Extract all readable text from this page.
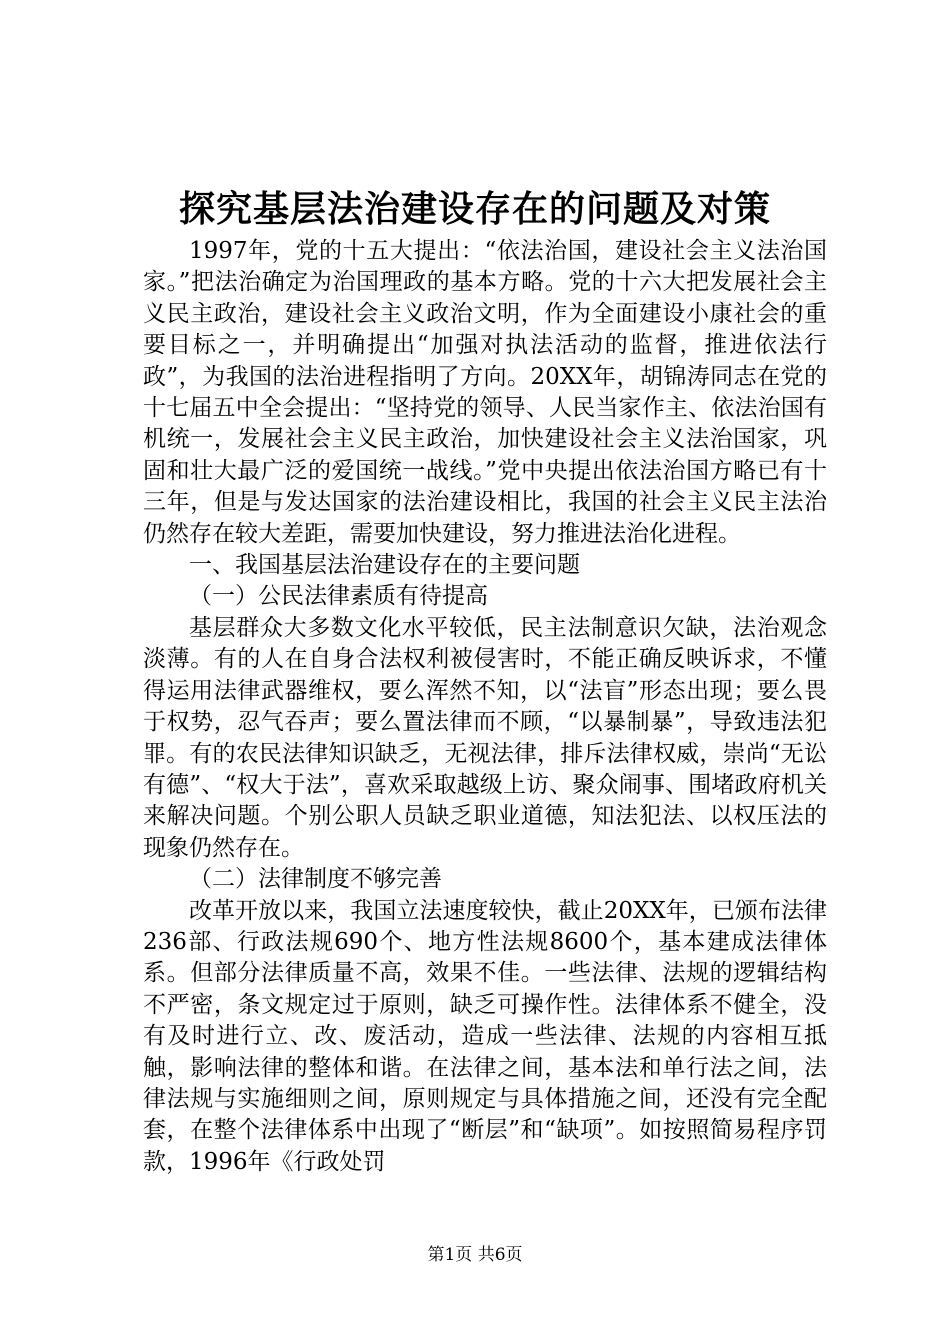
探究基层法治建设存在的问题及对策

1997年，党的十五大提出：“依法治国，建设社会主义法治国家。”把法治确定为治国理政的基本方略。党的十六大把发展社会主义民主政治，建设社会主义政治文明，作为全面建设小康社会的重要目标之一，并明确提出“加强对执法活动的监督，推进依法行政”，为我国的法治进程指明了方向。20XX年，胡锦涛同志在党的十七届五中全会提出：“坚持党的领导、人民当家作主、依法治国有机统一，发展社会主义民主政治，加快建设社会主义法治国家，巩固和壮大最广泛的爱国统一战线。”党中央提出依法治国方略已有十三年，但是与发达国家的法治建设相比，我国的社会主义民主法治仍然存在较大差距，需要加快建设，努力推进法治化进程。

一、我国基层法治建设存在的主要问题

（一）公民法律素质有待提高

基层群众大多数文化水平较低，民主法制意识欠缺，法治观念淡薄。有的人在自身合法权利被侵害时，不能正确反映诉求，不懂得运用法律武器维权，要么浑然不知，以“法盲”形态出现；要么畏于权势，忍气吞声；要么置法律而不顾，“以暴制暴”，导致违法犯罪。有的农民法律知识缺乏，无视法律，排斥法律权威，崇尚“无讼有德”、“权大于法”，喜欢采取越级上访、聚众闹事、围堵政府机关来解决问题。个别公职人员缺乏职业道德，知法犯法、以权压法的现象仍然存在。

（二）法律制度不够完善

改革开放以来，我国立法速度较快，截止20XX年，已颁布法律236部、行政法规690个、地方性法规8600个，基本建成法律体系。但部分法律质量不高，效果不佳。一些法律、法规的逻辑结构不严密，条文规定过于原则，缺乏可操作性。法律体系不健全，没有及时进行立、改、废活动，造成一些法律、法规的内容相互抵触，影响法律的整体和谐。在法律之间，基本法和单行法之间，法律法规与实施细则之间，原则规定与具体措施之间，还没有完全配套，在整个法律体系中出现了“断层”和“缺项”。如按照简易程序罚款，1996年《行政处罚

第1页 共6页
